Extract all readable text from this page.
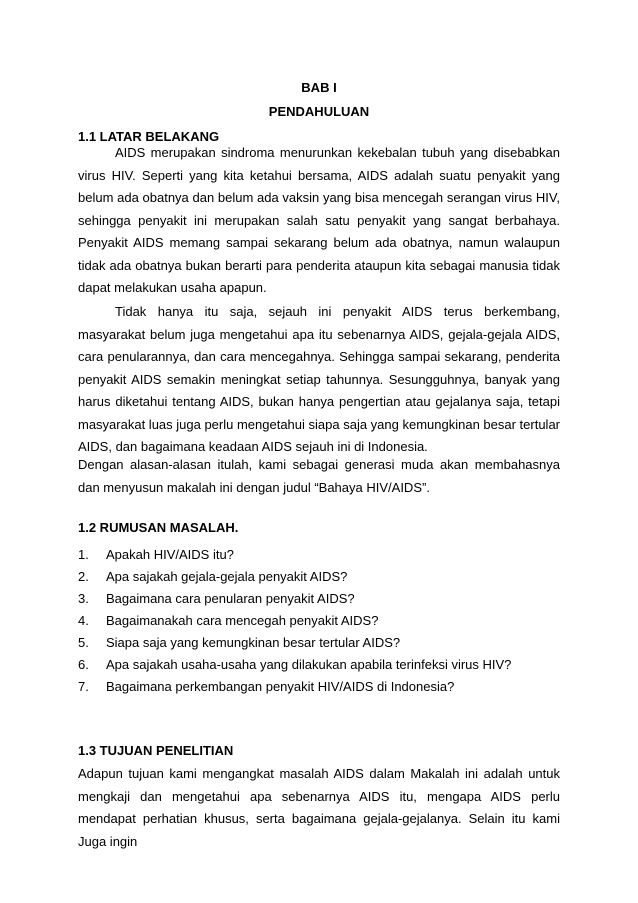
BAB I
PENDAHULUAN
1.1 LATAR BELAKANG

AIDS merupakan sindroma menurunkan kekebalan tubuh yang disebabkan virus HIV. Seperti yang kita ketahui bersama, AIDS adalah suatu penyakit yang belum ada obatnya dan belum ada vaksin yang bisa mencegah serangan virus HIV, sehingga penyakit ini merupakan salah satu penyakit yang sangat berbahaya. Penyakit AIDS memang sampai sekarang belum ada obatnya, namun walaupun tidak ada obatnya bukan berarti para penderita ataupun kita sebagai manusia tidak dapat melakukan usaha apapun.

Tidak hanya itu saja, sejauh ini penyakit AIDS terus berkembang, masyarakat belum juga mengetahui apa itu sebenarnya AIDS, gejala-gejala AIDS, cara penularannya, dan cara mencegahnya. Sehingga sampai sekarang, penderita penyakit AIDS semakin meningkat setiap tahunnya. Sesungguhnya, banyak yang harus diketahui tentang AIDS, bukan hanya pengertian atau gejalanya saja, tetapi masyarakat luas juga perlu mengetahui siapa saja yang kemungkinan besar tertular AIDS, dan bagaimana keadaan AIDS sejauh ini di Indonesia.

Dengan alasan-alasan itulah, kami sebagai generasi muda akan membahasnya dan menyusun makalah ini dengan judul “Bahaya HIV/AIDS”.

1.2 RUMUSAN MASALAH.
1. Apakah HIV/AIDS itu?
2. Apa sajakah gejala-gejala penyakit AIDS?
3. Bagaimana cara penularan penyakit AIDS?
4. Bagaimanakah cara mencegah penyakit AIDS?
5. Siapa saja yang kemungkinan besar tertular AIDS?
6. Apa sajakah usaha-usaha yang dilakukan apabila terinfeksi virus HIV?
7. Bagaimana perkembangan penyakit HIV/AIDS di Indonesia?
1.3 TUJUAN PENELITIAN

Adapun tujuan kami mengangkat masalah AIDS dalam Makalah ini adalah untuk mengkaji dan mengetahui apa sebenarnya AIDS itu, mengapa AIDS perlu mendapat perhatian khusus, serta bagaimana gejala-gejalanya. Selain itu kami Juga ingin
